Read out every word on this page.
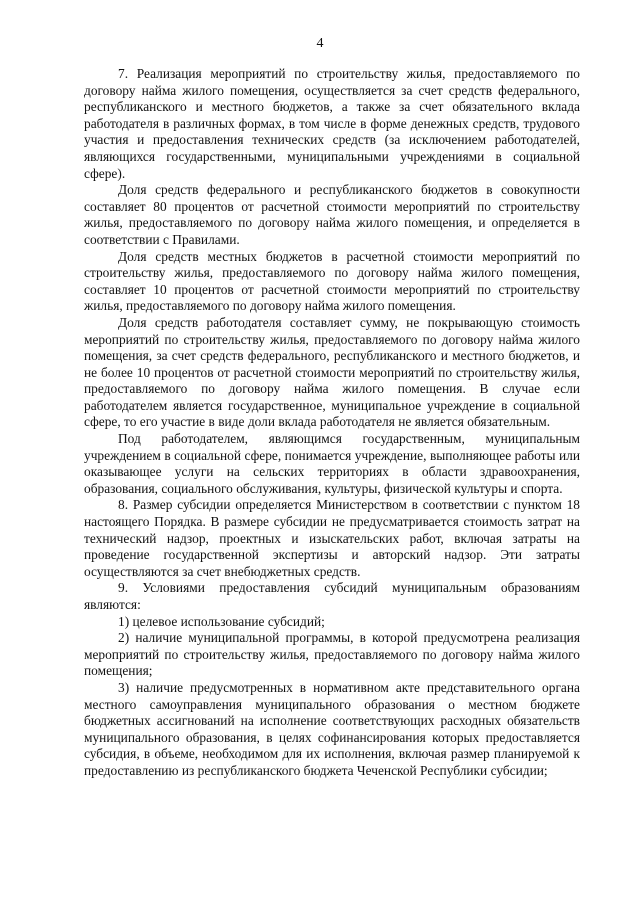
4

7. Реализация мероприятий по строительству жилья, предоставляемого по договору найма жилого помещения, осуществляется за счет средств федерального, республиканского и местного бюджетов, а также за счет обязательного вклада работодателя в различных формах, в том числе в форме денежных средств, трудового участия и предоставления технических средств (за исключением работодателей, являющихся государственными, муниципальными учреждениями в социальной сфере).

Доля средств федерального и республиканского бюджетов в совокупности составляет 80 процентов от расчетной стоимости мероприятий по строительству жилья, предоставляемого по договору найма жилого помещения, и определяется в соответствии с Правилами.

Доля средств местных бюджетов в расчетной стоимости мероприятий по строительству жилья, предоставляемого по договору найма жилого помещения, составляет 10 процентов от расчетной стоимости мероприятий по строительству жилья, предоставляемого по договору найма жилого помещения.

Доля средств работодателя составляет сумму, не покрывающую стоимость мероприятий по строительству жилья, предоставляемого по договору найма жилого помещения, за счет средств федерального, республиканского и местного бюджетов, и не более 10 процентов от расчетной стоимости мероприятий по строительству жилья, предоставляемого по договору найма жилого помещения. В случае если работодателем является государственное, муниципальное учреждение в социальной сфере, то его участие в виде доли вклада работодателя не является обязательным.

Под работодателем, являющимся государственным, муниципальным учреждением в социальной сфере, понимается учреждение, выполняющее работы или оказывающее услуги на сельских территориях в области здравоохранения, образования, социального обслуживания, культуры, физической культуры и спорта.

8. Размер субсидии определяется Министерством в соответствии с пунктом 18 настоящего Порядка. В размере субсидии не предусматривается стоимость затрат на технический надзор, проектных и изыскательских работ, включая затраты на проведение государственной экспертизы и авторский надзор. Эти затраты осуществляются за счет внебюджетных средств.

9. Условиями предоставления субсидий муниципальным образованиям являются:

1) целевое использование субсидий;

2) наличие муниципальной программы, в которой предусмотрена реализация мероприятий по строительству жилья, предоставляемого по договору найма жилого помещения;

3) наличие предусмотренных в нормативном акте представительного органа местного самоуправления муниципального образования о местном бюджете бюджетных ассигнований на исполнение соответствующих расходных обязательств муниципального образования, в целях софинансирования которых предоставляется субсидия, в объеме, необходимом для их исполнения, включая размер планируемой к предоставлению из республиканского бюджета Чеченской Республики субсидии;
